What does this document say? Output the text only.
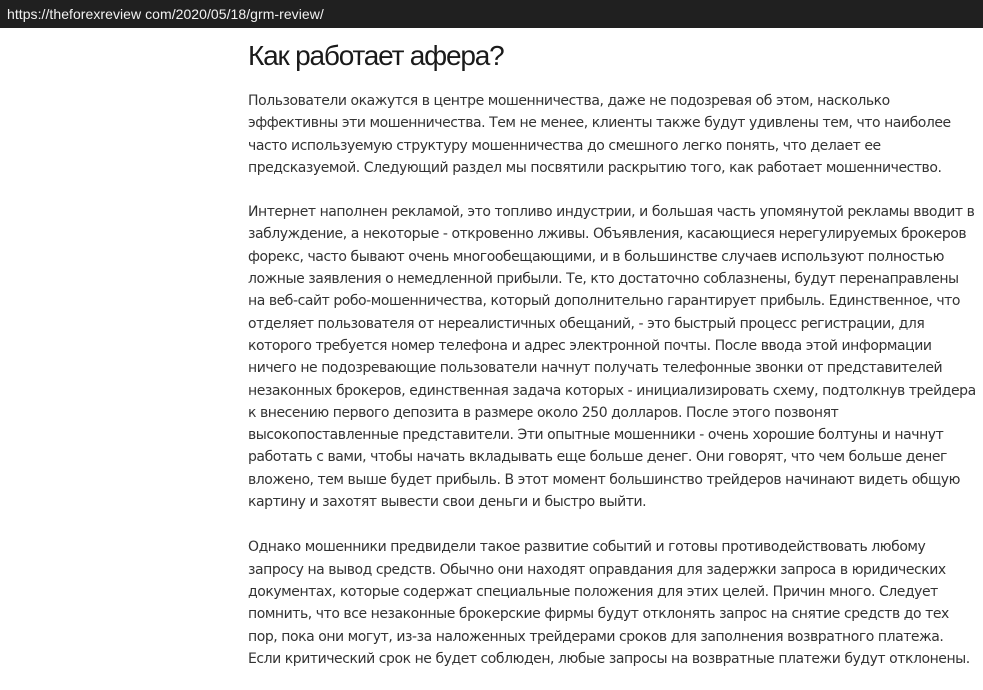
https://theforexreview com/2020/05/18/grm-review/
Как работает афера?

Пользователи окажутся в центре мошенничества, даже не подозревая об этом, насколько
эффективны эти мошенничества. Тем не менее, клиенты также будут удивлены тем, что наиболее
часто используемую структуру мошенничества до смешного легко понять, что делает ее
предсказуемой. Следующий раздел мы посвятили раскрытию того, как работает мошенничество.

Интернет наполнен рекламой, это топливо индустрии, и большая часть упомянутой рекламы вводит в
заблуждение, а некоторые - откровенно лживы. Объявления, касающиеся нерегулируемых брокеров
форекс, часто бывают очень многообещающими, и в большинстве случаев используют полностью
ложные заявления о немедленной прибыли. Те, кто достаточно соблазнены, будут перенаправлены
на веб-сайт робо-мошенничества, который дополнительно гарантирует прибыль. Единственное, что
отделяет пользователя от нереалистичных обещаний, - это быстрый процесс регистрации, для
которого требуется номер телефона и адрес электронной почты. После ввода этой информации
ничего не подозревающие пользователи начнут получать телефонные звонки от представителей
незаконных брокеров, единственная задача которых - инициализировать схему, подтолкнув трейдера
к внесению первого депозита в размере около 250 долларов. После этого позвонят
высокопоставленные представители. Эти опытные мошенники - очень хорошие болтуны и начнут
работать с вами, чтобы начать вкладывать еще больше денег. Они говорят, что чем больше денег
вложено, тем выше будет прибыль. В этот момент большинство трейдеров начинают видеть общую
картину и захотят вывести свои деньги и быстро выйти.

Однако мошенники предвидели такое развитие событий и готовы противодействовать любому
запросу на вывод средств. Обычно они находят оправдания для задержки запроса в юридических
документах, которые содержат специальные положения для этих целей. Причин много. Следует
помнить, что все незаконные брокерские фирмы будут отклонять запрос на снятие средств до тех
пор, пока они могут, из-за наложенных трейдерами сроков для заполнения возвратного платежа.
Если критический срок не будет соблюден, любые запросы на возвратные платежи будут отклонены.
